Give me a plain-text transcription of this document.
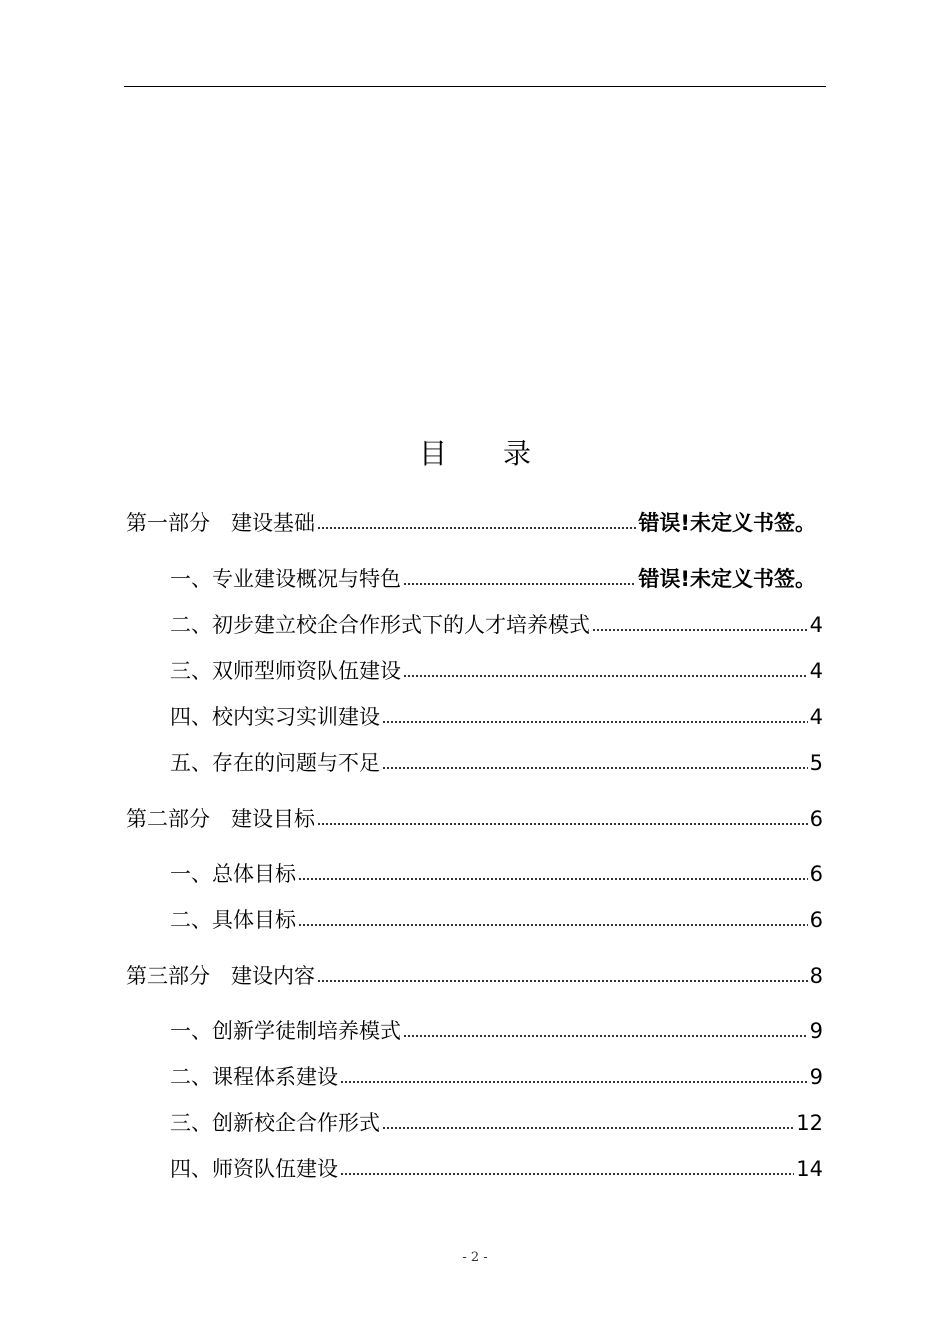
目录
第一部分　建设基础	错误!未定义书签。
一、专业建设概况与特色	错误!未定义书签。
二、初步建立校企合作形式下的人才培养模式	4
三、双师型师资队伍建设	4
四、校内实习实训建设	4
五、存在的问题与不足	5
第二部分　建设目标	6
一、总体目标	6
二、具体目标	6
第三部分　建设内容	8
一、创新学徒制培养模式	9
二、课程体系建设	9
三、创新校企合作形式	12
四、师资队伍建设	14
- 2 -
